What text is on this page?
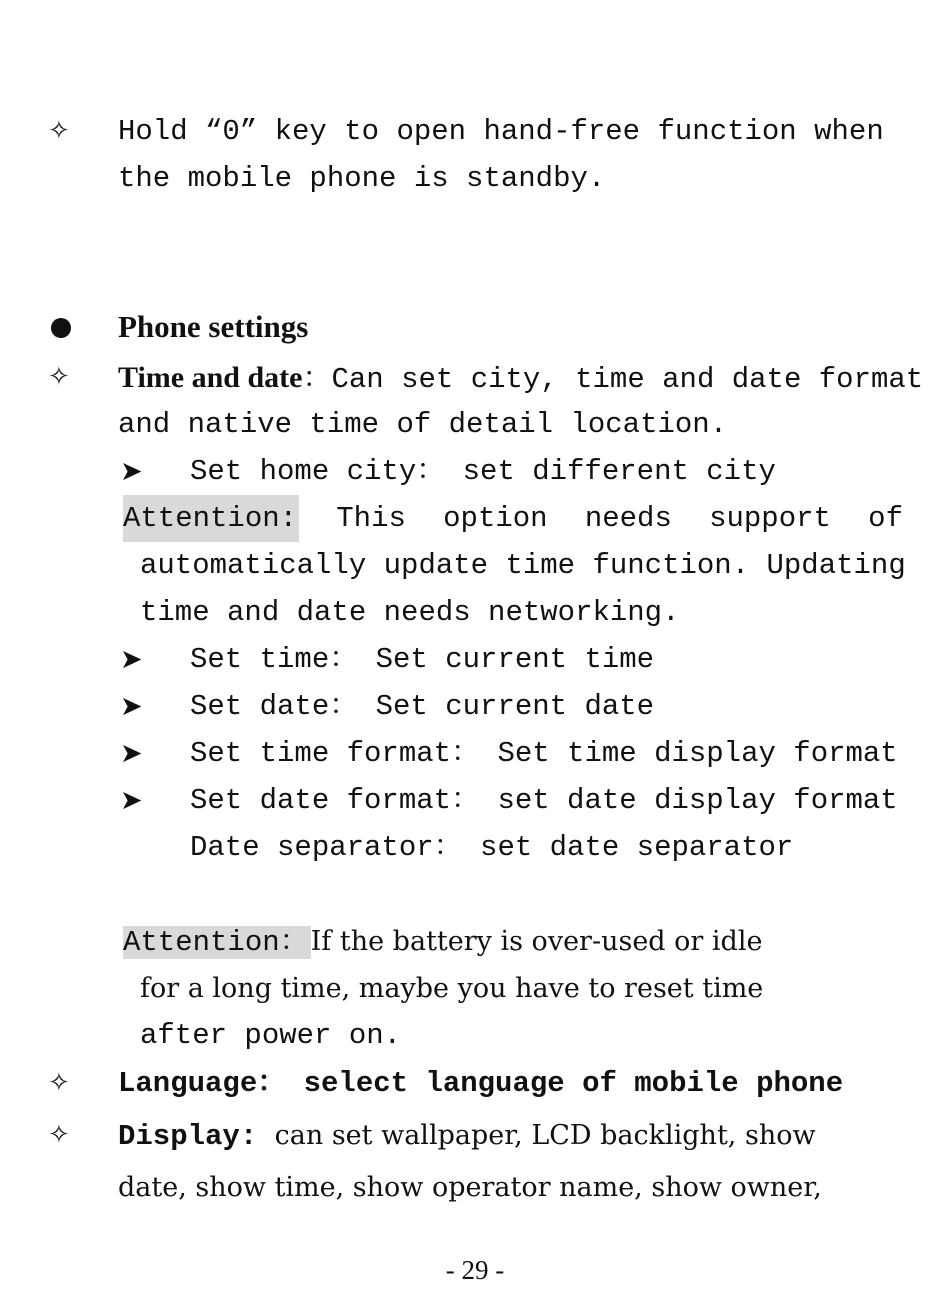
✧ Hold “0” key to open hand-free function when
the mobile phone is standby.
Phone settings
✧ Time and date：Can set city, time and date format
and native time of detail location.
➤ Set home city： set different city
Attention: This option needs support of
automatically update time function. Updating
time and date needs networking.
➤ Set time： Set current time
➤ Set date： Set current date
➤ Set time format： Set time display format
➤ Set date format： set date display format
Date separator： set date separator
Attention：If the battery is over-used or idle
for a long time, maybe you have to reset time
after power on.
✧ Language： select language of mobile phone
✧ Display: can set wallpaper, LCD backlight, show
date, show time, show operator name, show owner,
- 29 -
